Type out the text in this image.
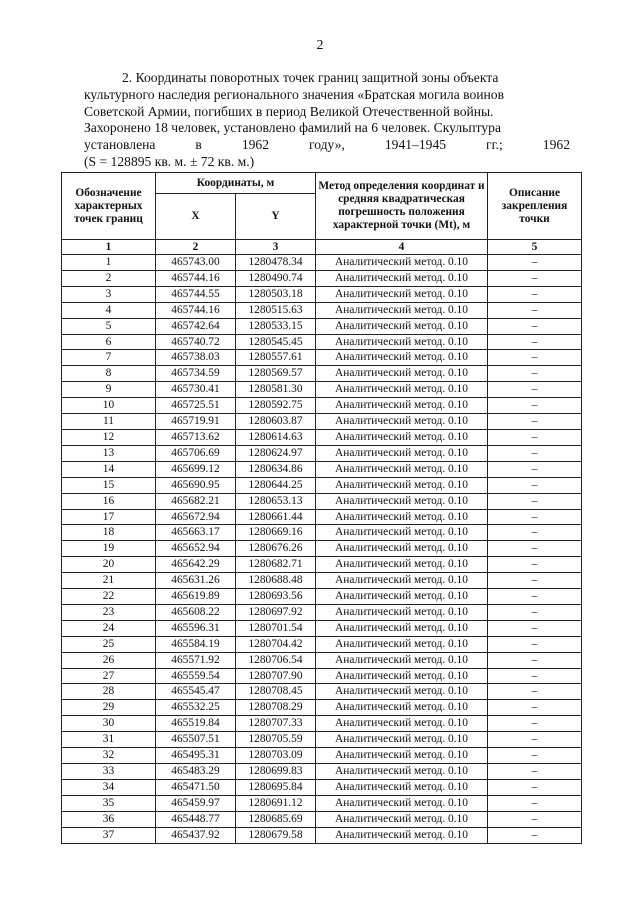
2
2. Координаты поворотных точек границ защитной зоны объекта
культурного наследия регионального значения «Братская могила воинов
Советской Армии, погибших в период Великой Отечественной войны.
Захоронено 18 человек, установлено фамилий на 6 человек. Скульптура
установлена	в	1962	году»,	1941–1945	гг.;	1962
(S = 128895 кв. м. ± 72 кв. м.)
Обозначение характерных точек границ	Координаты, м		Метод определения координат и средняя квадратическая погрешность положения характерной точки (Mt), м	Описание закрепления точки
	X	Y		
1	2	3	4	5
1	465743.00	1280478.34	Аналитический метод. 0.10	–
2	465744.16	1280490.74	Аналитический метод. 0.10	–
3	465744.55	1280503.18	Аналитический метод. 0.10	–
4	465744.16	1280515.63	Аналитический метод. 0.10	–
5	465742.64	1280533.15	Аналитический метод. 0.10	–
6	465740.72	1280545.45	Аналитический метод. 0.10	–
7	465738.03	1280557.61	Аналитический метод. 0.10	–
8	465734.59	1280569.57	Аналитический метод. 0.10	–
9	465730.41	1280581.30	Аналитический метод. 0.10	–
10	465725.51	1280592.75	Аналитический метод. 0.10	–
11	465719.91	1280603.87	Аналитический метод. 0.10	–
12	465713.62	1280614.63	Аналитический метод. 0.10	–
13	465706.69	1280624.97	Аналитический метод. 0.10	–
14	465699.12	1280634.86	Аналитический метод. 0.10	–
15	465690.95	1280644.25	Аналитический метод. 0.10	–
16	465682.21	1280653.13	Аналитический метод. 0.10	–
17	465672.94	1280661.44	Аналитический метод. 0.10	–
18	465663.17	1280669.16	Аналитический метод. 0.10	–
19	465652.94	1280676.26	Аналитический метод. 0.10	–
20	465642.29	1280682.71	Аналитический метод. 0.10	–
21	465631.26	1280688.48	Аналитический метод. 0.10	–
22	465619.89	1280693.56	Аналитический метод. 0.10	–
23	465608.22	1280697.92	Аналитический метод. 0.10	–
24	465596.31	1280701.54	Аналитический метод. 0.10	–
25	465584.19	1280704.42	Аналитический метод. 0.10	–
26	465571.92	1280706.54	Аналитический метод. 0.10	–
27	465559.54	1280707.90	Аналитический метод. 0.10	–
28	465545.47	1280708.45	Аналитический метод. 0.10	–
29	465532.25	1280708.29	Аналитический метод. 0.10	–
30	465519.84	1280707.33	Аналитический метод. 0.10	–
31	465507.51	1280705.59	Аналитический метод. 0.10	–
32	465495.31	1280703.09	Аналитический метод. 0.10	–
33	465483.29	1280699.83	Аналитический метод. 0.10	–
34	465471.50	1280695.84	Аналитический метод. 0.10	–
35	465459.97	1280691.12	Аналитический метод. 0.10	–
36	465448.77	1280685.69	Аналитический метод. 0.10	–
37	465437.92	1280679.58	Аналитический метод. 0.10	–
